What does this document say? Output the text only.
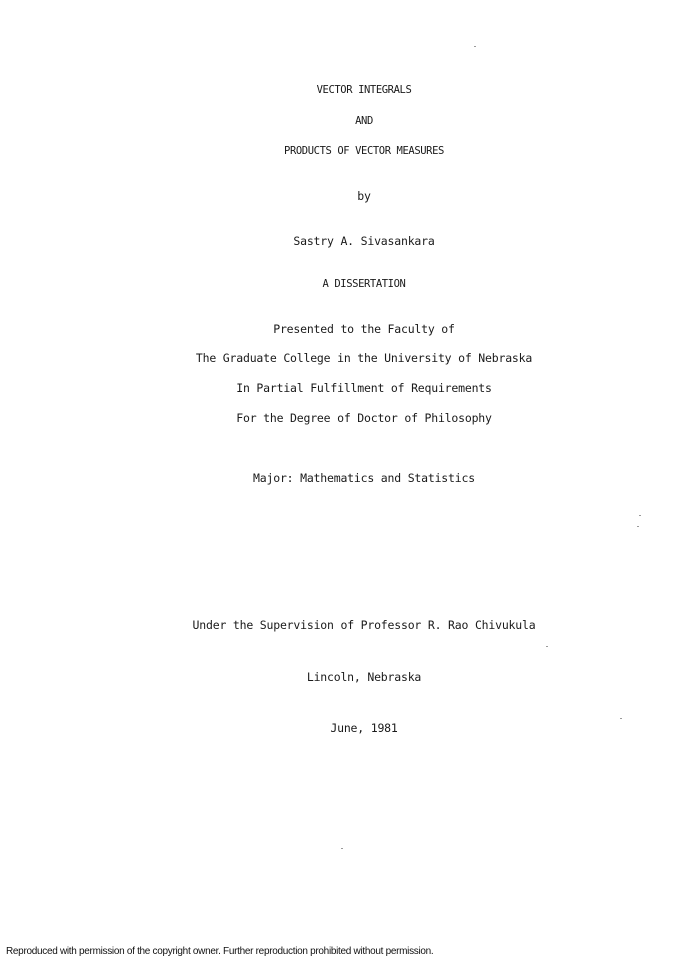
VECTOR INTEGRALS
AND
PRODUCTS OF VECTOR MEASURES
by
Sastry A. Sivasankara
A DISSERTATION
Presented to the Faculty of
The Graduate College in the University of Nebraska
In Partial Fulfillment of Requirements
For the Degree of Doctor of Philosophy
Major: Mathematics and Statistics
Under the Supervision of Professor R. Rao Chivukula
Lincoln, Nebraska
June, 1981
Reproduced with permission of the copyright owner. Further reproduction prohibited without permission.
